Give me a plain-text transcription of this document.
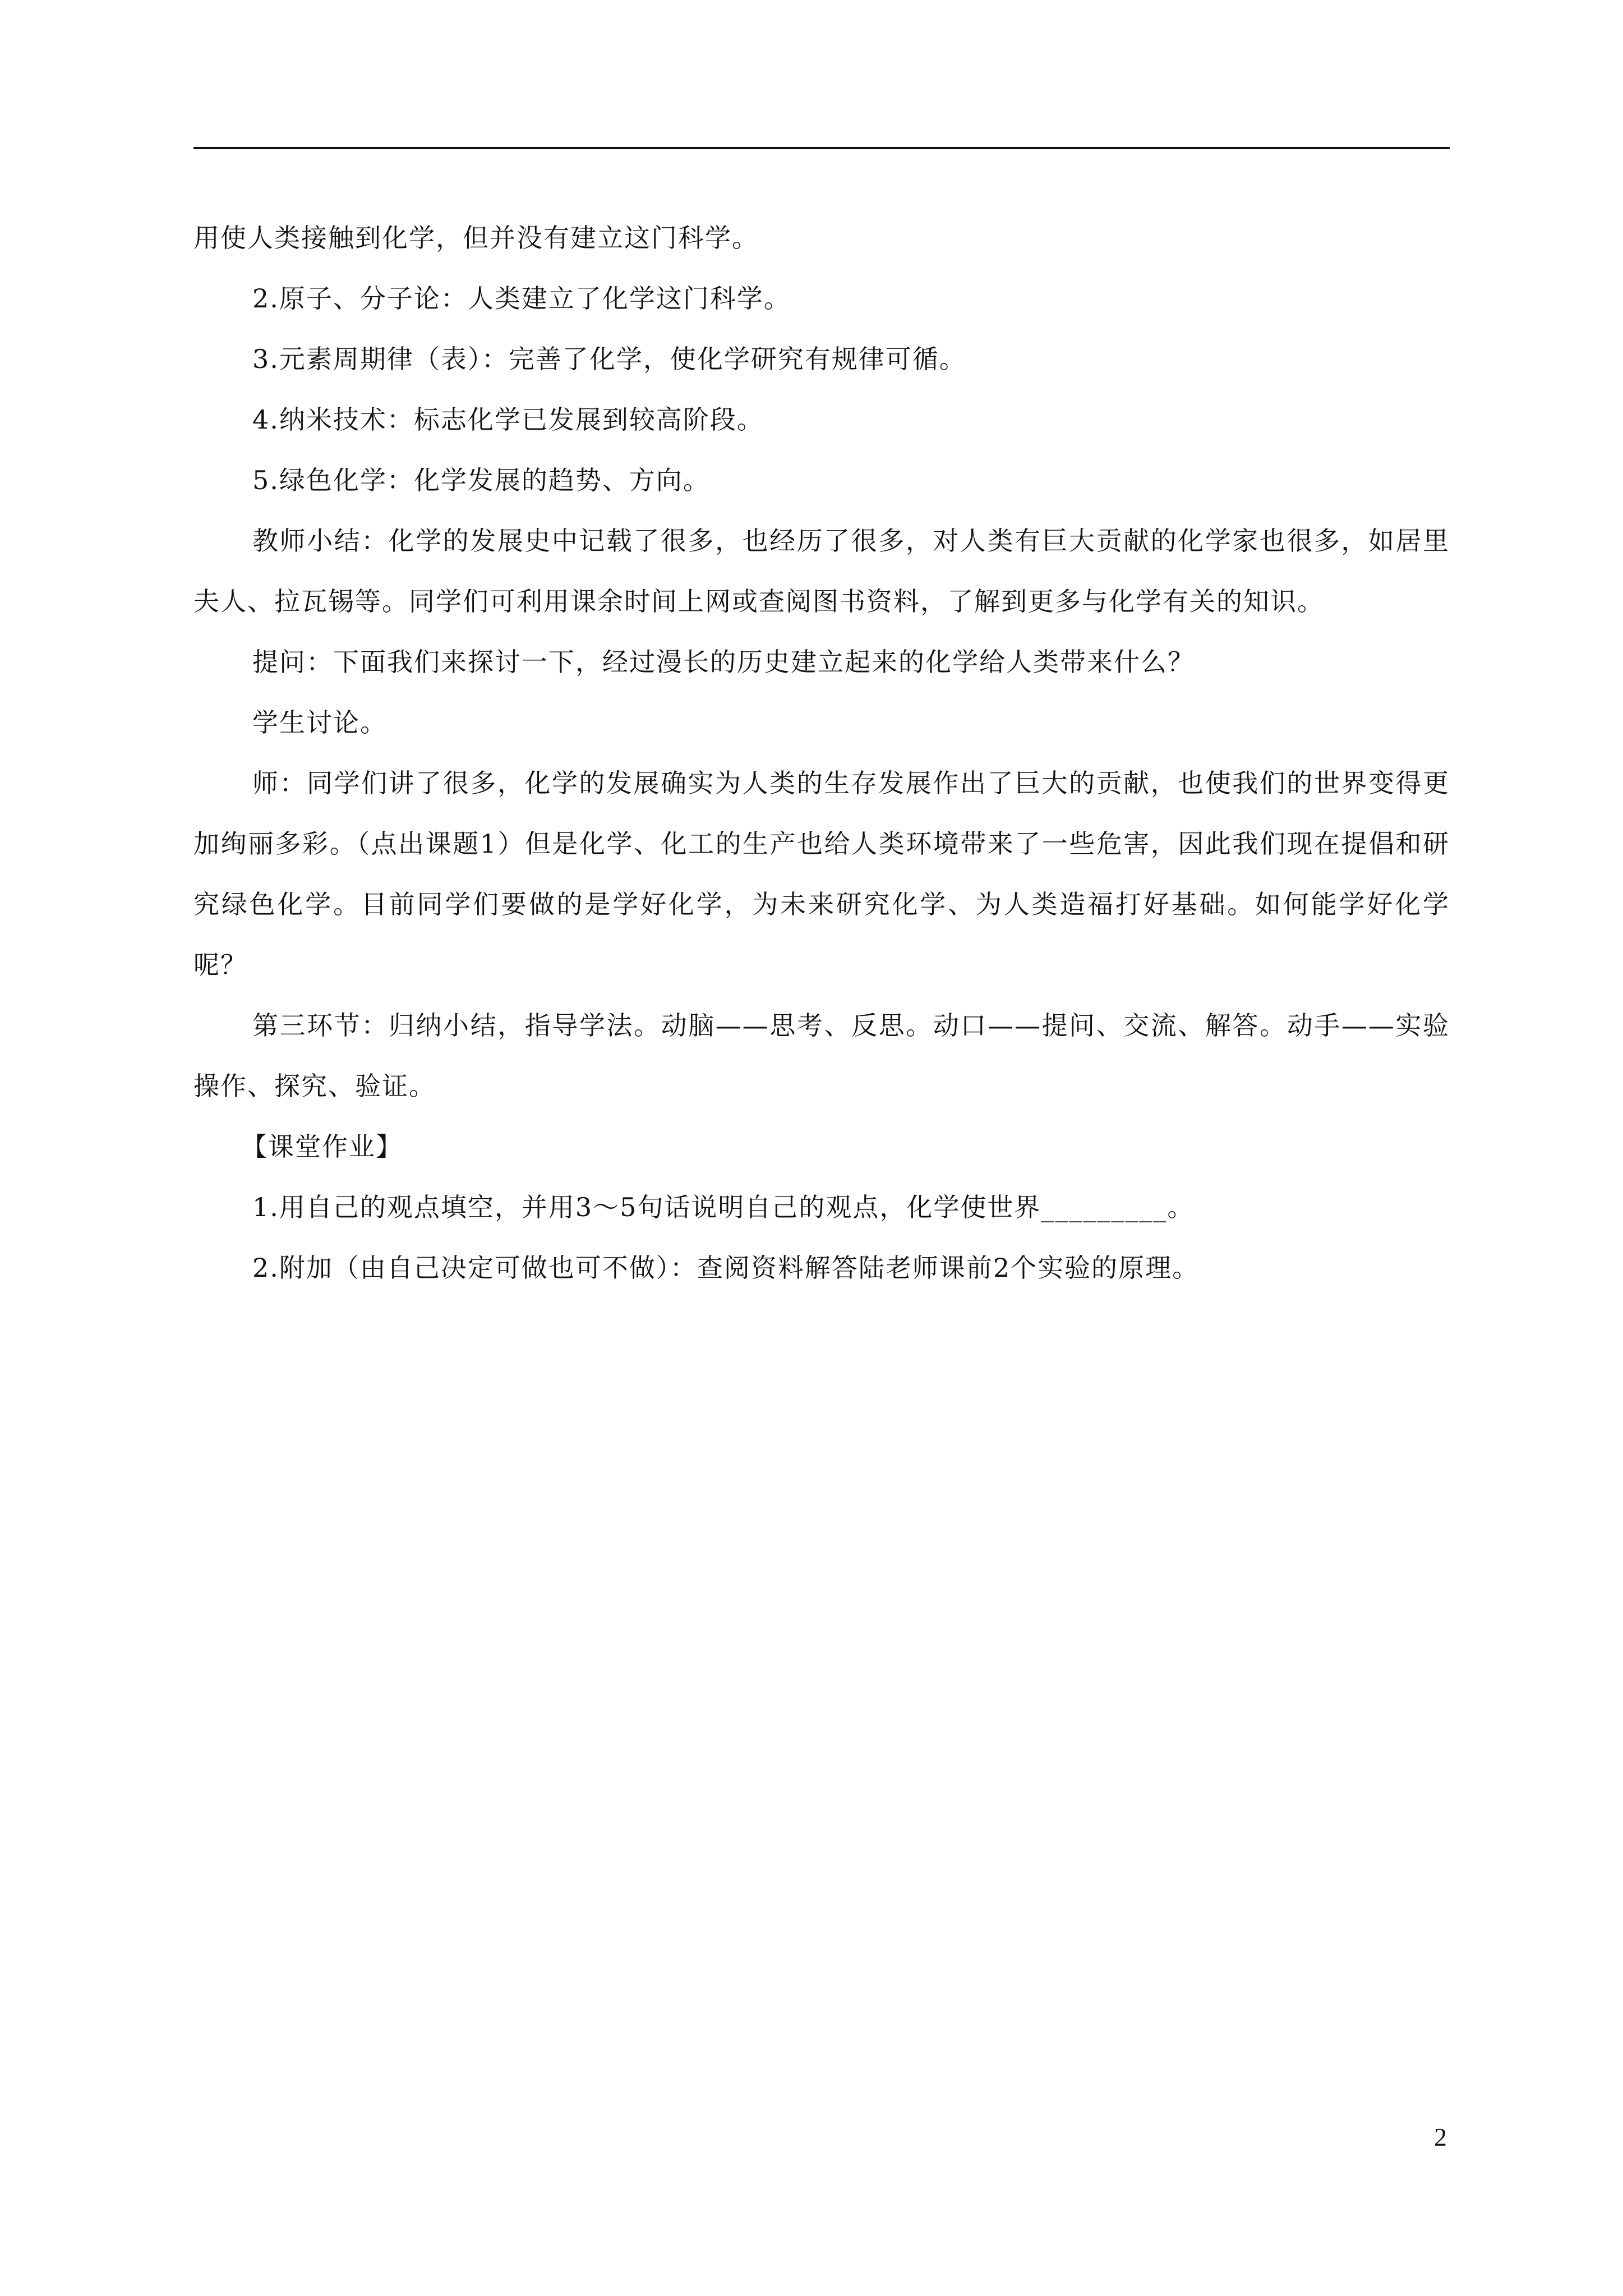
用使人类接触到化学，但并没有建立这门科学。

2.原子、分子论：人类建立了化学这门科学。

3.元素周期律（表）：完善了化学，使化学研究有规律可循。

4.纳米技术：标志化学已发展到较高阶段。

5.绿色化学：化学发展的趋势、方向。

教师小结：化学的发展史中记载了很多，也经历了很多，对人类有巨大贡献的化学家也很多，如居里夫人、拉瓦锡等。同学们可利用课余时间上网或查阅图书资料，了解到更多与化学有关的知识。

提问：下面我们来探讨一下，经过漫长的历史建立起来的化学给人类带来什么？

学生讨论。

师：同学们讲了很多，化学的发展确实为人类的生存发展作出了巨大的贡献，也使我们的世界变得更加绚丽多彩。（点出课题1）但是化学、化工的生产也给人类环境带来了一些危害，因此我们现在提倡和研究绿色化学。目前同学们要做的是学好化学，为未来研究化学、为人类造福打好基础。如何能学好化学呢？

第三环节：归纳小结，指导学法。动脑——思考、反思。动口——提问、交流、解答。动手——实验操作、探究、验证。

【课堂作业】

1.用自己的观点填空，并用3～5句话说明自己的观点，化学使世界_________。

2.附加（由自己决定可做也可不做）：查阅资料解答陆老师课前2个实验的原理。

2
